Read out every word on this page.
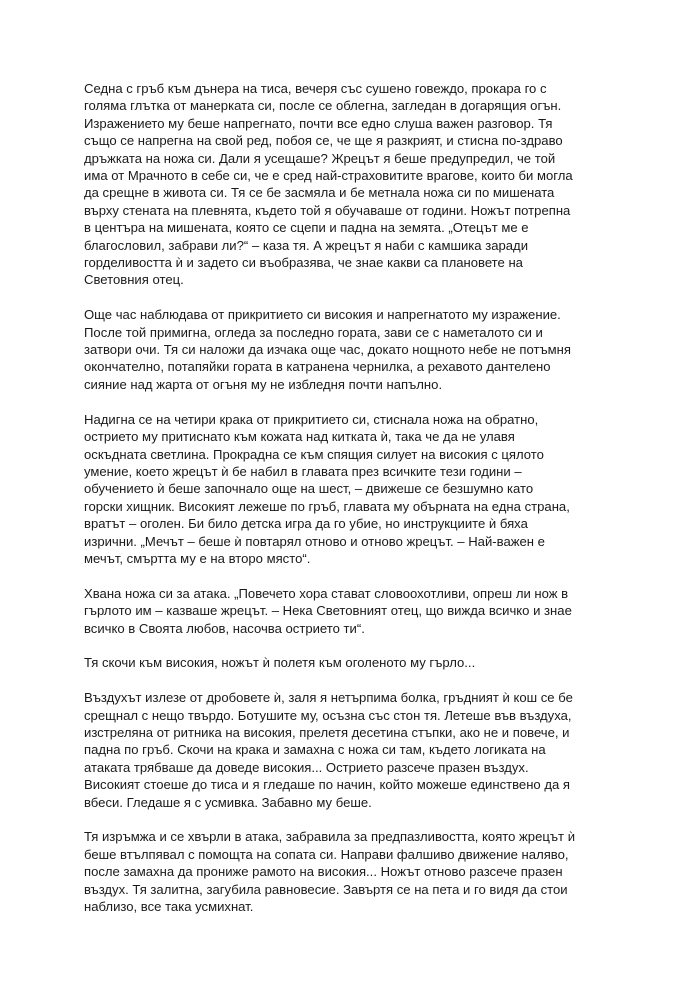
Седна с гръб към дънера на тиса, вечеря със сушено говеждо, прокара го с
голяма глътка от манерката си, после се облегна, загледан в догарящия огън.
Изражението му беше напрегнато, почти все едно слуша важен разговор. Тя
също се напрегна на свой ред, побоя се, че ще я разкрият, и стисна по-здраво
дръжката на ножа си. Дали я усещаше? Жрецът я беше предупредил, че той
има от Мрачното в себе си, че е сред най-страховитите врагове, които би могла
да срещне в живота си. Тя се бе засмяла и бе метнала ножа си по мишената
върху стената на плевнята, където той я обучаваше от години. Ножът потрепна
в центъра на мишената, която се сцепи и падна на земята. „Отецът ме е
благословил, забрави ли?“ – каза тя. А жрецът я наби с камшика заради
горделивостта ѝ и задето си въобразява, че знае какви са плановете на
Световния отец.

Още час наблюдава от прикритието си високия и напрегнатото му изражение.
После той примигна, огледа за последно гората, зави се с наметалото си и
затвори очи. Тя си наложи да изчака още час, докато нощното небе не потъмня
окончателно, потапяйки гората в катранена чернилка, а рехавото дантелено
сияние над жарта от огъня му не избледня почти напълно.

Надигна се на четири крака от прикритието си, стиснала ножа на обратно,
острието му притиснато към кожата над китката ѝ, така че да не улавя
оскъдната светлина. Прокрадна се към спящия силует на високия с цялото
умение, което жрецът ѝ бе набил в главата през всичките тези години –
обучението ѝ беше започнало още на шест, – движеше се безшумно като
горски хищник. Високият лежеше по гръб, главата му обърната на една страна,
вратът – оголен. Би било детска игра да го убие, но инструкциите ѝ бяха
изрични. „Мечът – беше ѝ повтарял отново и отново жрецът. – Най-важен е
мечът, смъртта му е на второ място“.

Хвана ножа си за атака. „Повечето хора стават словоохотливи, опреш ли нож в
гърлото им – казваше жрецът. – Нека Световният отец, що вижда всичко и знае
всичко в Своята любов, насочва острието ти“.

Тя скочи към високия, ножът ѝ полетя към оголеното му гърло...

Въздухът излезе от дробовете ѝ, заля я нетърпима болка, гръдният ѝ кош се бе
срещнал с нещо твърдо. Ботушите му, осъзна със стон тя. Летеше във въздуха,
изстреляна от ритника на високия, прелетя десетина стъпки, ако не и повече, и
падна по гръб. Скочи на крака и замахна с ножа си там, където логиката на
атаката трябваше да доведе високия... Острието разсече празен въздух.
Високият стоеше до тиса и я гледаше по начин, който можеше единствено да я
вбеси. Гледаше я с усмивка. Забавно му беше.

Тя изръмжа и се хвърли в атака, забравила за предпазливостта, която жрецът ѝ
беше втълпявал с помощта на сопата си. Направи фалшиво движение наляво,
после замахна да прониже рамото на високия... Ножът отново разсече празен
въздух. Тя залитна, загубила равновесие. Завъртя се на пета и го видя да стои
наблизо, все така усмихнат.
